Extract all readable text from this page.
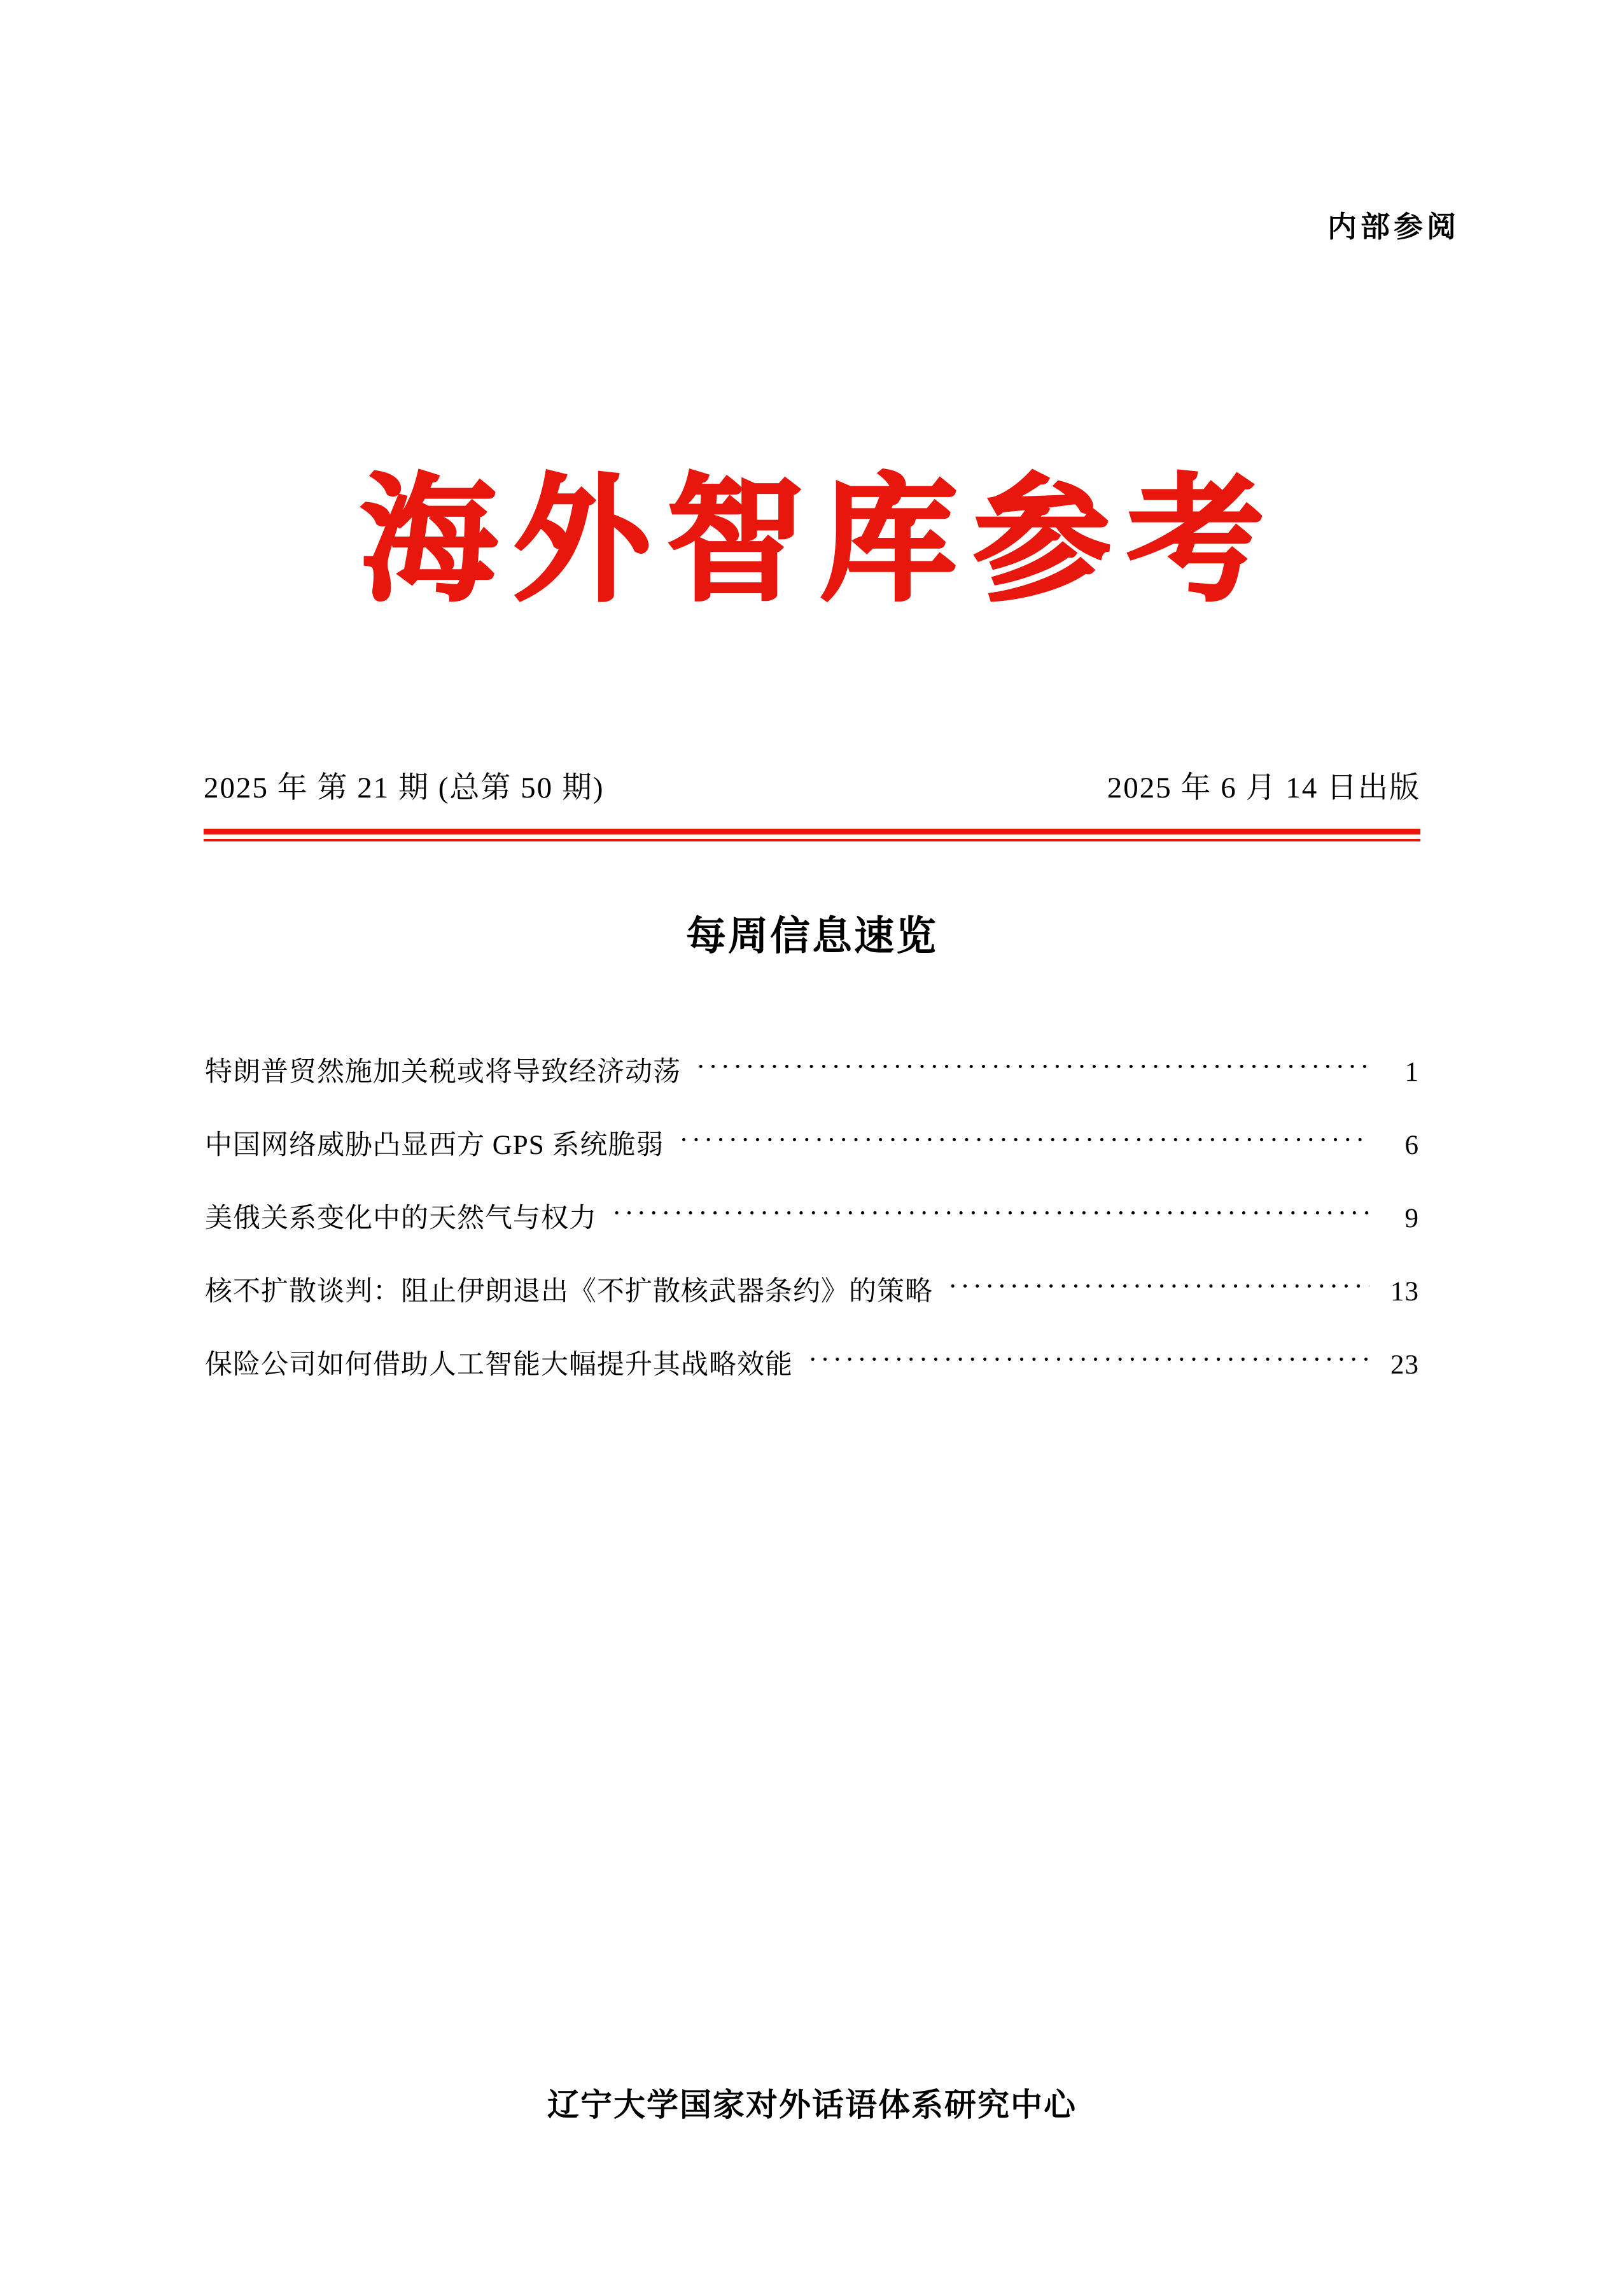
内部参阅
海外智库参考
2025 年 第 21 期 (总第 50 期)	2025 年 6 月 14 日出版
每周信息速览
特朗普贸然施加关税或将导致经济动荡 ·····	1
中国网络威胁凸显西方 GPS 系统脆弱 ·····	6
美俄关系变化中的天然气与权力 ·····	9
核不扩散谈判：阻止伊朗退出《不扩散核武器条约》的策略 ·····	13
保险公司如何借助人工智能大幅提升其战略效能 ·····	23
辽宁大学国家对外话语体系研究中心
